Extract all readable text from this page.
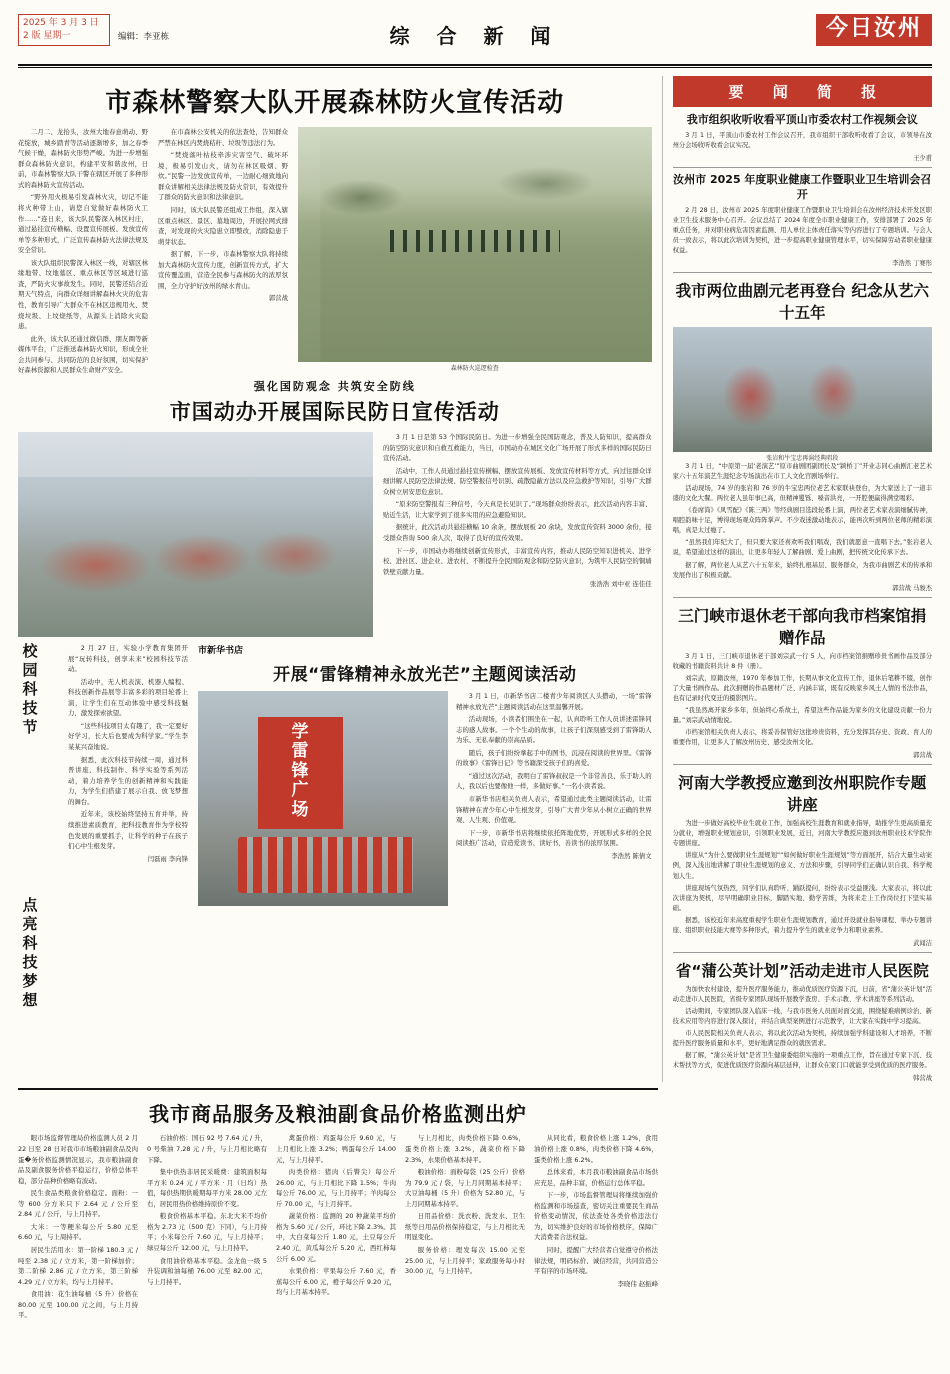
2025 年 3 月 3 日
2 版 星期一	编辑：李亚栋	综 合 新 闻	今日汝州
市森林警察大队开展森林防火宣传活动

二月二、龙抬头，汝州大地春意萌动、野花绽放，城乡踏青等活动逐渐增多，加之春季气候干燥，森林防火形势严峻。为进一步增强群众森林防火意识，构建平安和谐汝州，日前，市森林警察大队干警在辖区开展了多种形式的森林防火宣传活动。

“野外用火极易引发森林火灾，切记不能将火种带上山，请您自觉做好森林防火工作……”连日来，该大队民警深入林区村庄，通过悬挂宣传横幅、设置宣传展板、发放宣传单等多种形式，广泛宣传森林防火法律法规及安全常识。

该大队组织民警深入林区一线，对辖区林缘地带、坟地墓区、重点林区等区域进行巡查，严防火灾事故发生。同时，民警还结合近期天气特点，向群众详细讲解森林火灾的危害性，教育引导广大群众不在林区违规用火、焚烧垃圾、上坟烧纸等，从源头上消除火灾隐患。

此外，该大队还通过微信群、朋友圈等新媒体平台，广泛推送森林防火知识，形成全社会共同参与、共同防范的良好氛围，切实保护好森林资源和人民群众生命财产安全。

在市森林公安机关的依法查处，告知群众严禁在林区内焚烧秸秆、垃圾等违法行为。

“焚烧落叶枯枝牵涉灾害空气、破坏环境，极易引发山火，请勿在林区吸烟、野炊。”民警一边发放宣传单，一边耐心细致地向群众讲解相关法律法规及防火常识，有效提升了群众的防火意识和法律意识。

同时，该大队民警还组成工作组，深入辖区重点林区、景区、墓地周边，开展拉网式排查，对发现的火灾隐患立即整改，消除隐患于萌芽状态。

据了解，下一步，市森林警察大队将持续加大森林防火宣传力度，创新宣传方式，扩大宣传覆盖面，营造全民参与森林防火的浓厚氛围，全力守护好汝州的绿水青山。

郭营战
森林防火巡逻检查
强化国防观念 共筑安全防线
市国动办开展国际民防日宣传活动

3 月 1 日是第 53 个国际民防日。为进一步增强全民国防观念，普及人防知识，提高群众的防空防灾意识和自救互救能力，当日，市国动办在城区文化广场开展了形式多样的国际民防日宣传活动。

活动中，工作人员通过悬挂宣传横幅、摆放宣传展板、发放宣传材料等方式，向过往群众详细讲解人民防空法律法规、防空警报信号识别、疏散隐蔽方法以及应急救护等知识，引导广大群众树立居安思危意识。

“原来防空警报有三种信号，今天真是长见识了。”现场群众纷纷表示，此次活动内容丰富、贴近生活，让大家学到了很多实用的应急避险知识。

据统计，此次活动共悬挂横幅 10 余条，摆放展板 20 余块，发放宣传资料 3000 余份，接受群众咨询 500 余人次，取得了良好的宣传效果。

下一步，市国动办将继续创新宣传形式，丰富宣传内容，推动人民防空知识进机关、进学校、进社区、进企业、进农村，不断提升全民国防观念和防空防灾意识，为筑牢人民防空的铜墙铁壁贡献力量。

张浩浩 刘中亚 连佳佳
校园科技节
点亮科技梦想

2 月 27 日，实验小学教育集团开展“玩转科技，创享未来”校园科技节活动。

活动中，无人机表演、机器人编程、科技创新作品展等丰富多彩的项目轮番上演，让学生们在互动体验中感受科技魅力，激发探索欲望。

“这些科技项目太有趣了，我一定要好好学习，长大后也要成为科学家。”学生李某某兴奋地说。

据悉，此次科技节持续一周，通过科普讲座、科技制作、科学实验等系列活动，着力培养学生的创新精神和实践能力，为学生们搭建了展示自我、放飞梦想的舞台。

近年来，该校始终坚持五育并举，持续推进素质教育，把科技教育作为学校特色发展的重要抓手，让科学的种子在孩子们心中生根发芽。

闫磊雨 李向锋
市新华书店
开展“雷锋精神永放光芒”主题阅读活动
学
雷
锋
广
场

3 月 1 日，市新华书店二楼青少年阅读区人头攒动，一场“雷锋精神永放光芒”主题阅读活动在这里温馨开展。

活动现场，小读者们围坐在一起，认真聆听工作人员讲述雷锋同志的感人故事。一个个生动的故事，让孩子们深刻感受到了雷锋助人为乐、无私奉献的崇高品质。

随后，孩子们纷纷拿起手中的图书，沉浸在阅读的世界里。《雷锋的故事》《雷锋日记》等书籍深受孩子们的喜爱。

“通过这次活动，我明白了雷锋叔叔是一个非常善良、乐于助人的人，我以后也要像他一样，多做好事。”一名小读者说。

市新华书店相关负责人表示，希望通过此类主题阅读活动，让雷锋精神在青少年心中生根发芽，引导广大青少年从小树立正确的世界观、人生观、价值观。

下一步，市新华书店将继续依托阵地优势，开展形式多样的全民阅读推广活动，营造爱读书、读好书、善读书的浓厚氛围。

李浩然 陈倩文
要 闻 简 报
我市组织收听收看平顶山市委农村工作视频会议

3 月 1 日，平顶山市委农村工作会议召开，我市组织干部收听收看了会议，市领导在汝州分会场收听收看会议实况。

王少甫
汝州市 2025 年度职业健康工作暨职业卫生培训会召开

2 月 28 日，汝州市 2025 年度职业健康工作暨职业卫生培训会在汝州经济技术开发区职业卫生技术服务中心召开。会议总结了 2024 年度全市职业健康工作，安排部署了 2025 年重点任务，并对职业病危害因素监测、用人单位主体责任落实等内容进行了专题培训。与会人员一致表示，将以此次培训为契机，进一步提高职业健康管理水平，切实保障劳动者职业健康权益。

李浩然 丁赛彤
我市两位曲剧元老再登台 纪念从艺六十五年
张岩和牛宝忠再演经典唱段

3 月 1 日，“中原第一届‘老演艺’”原市曲剧团副团长及“颍桥丁”开业志同心曲剧汇老艺术家六十五年演艺生涯纪念专场演出在市工人文化宫剧场举行。

活动现场，74 岁的张岩和 76 岁的牛宝忠两位老艺术家联袂登台，为大家送上了一道丰盛的文化大餐。两位老人虽年事已高，但精神矍铄、嗓音洪亮，一开腔便赢得满堂喝彩。

《卷席筒》《风雪配》《陈三两》等经典剧目选段轮番上演，两位老艺术家表演细腻传神，唱腔韵味十足，博得现场观众阵阵掌声。不少戏迷激动地表示，能再次听到两位老师的精彩演唱，真是太过瘾了。

“虽然我们年纪大了，但只要大家还喜欢听我们唱戏，我们就愿意一直唱下去。”张岩老人说，希望通过这样的演出，让更多年轻人了解曲剧、爱上曲剧，把传统文化传承下去。

据了解，两位老人从艺六十五年来，始终扎根基层、服务群众，为我市曲剧艺术的传承和发展作出了积极贡献。

郭营战 马骏杰
三门峡市退休老干部向我市档案馆捐赠作品

3 月 1 日，三门峡市退休老干部刘宗武一行 5 人，向市档案馆捐赠珍贵书画作品及部分收藏的书籍资料共计 8 件（册）。

刘宗武，原籍汝州，1970 年参加工作，长期从事文化宣传工作，退休后笔耕不辍，创作了大量书画作品。此次捐赠的作品题材广泛、内涵丰富，既有反映家乡风土人情的书法作品，也有记录时代变迁的摄影图片。

“我虽然离开家乡多年，但始终心系故土，希望这些作品能为家乡的文化建设贡献一份力量。”刘宗武动情地说。

市档案馆相关负责人表示，将妥善保管好这批珍贵资料，充分发挥其存史、资政、育人的重要作用，让更多人了解汝州历史、感受汝州文化。

郭营战
河南大学教授应邀到汝州职院作专题讲座

为进一步做好高校毕业生就业工作，加强高校生涯教育和就业指导，助推学生更高质量充分就业，增强职业规划意识，引领职业发展，近日，河南大学教授应邀到汝州职业技术学院作专题讲座。

讲座从“为什么要做职业生涯规划”“如何做好职业生涯规划”等方面展开，结合大量生动案例，深入浅出地讲解了职业生涯规划的意义、方法和步骤，引导同学们正确认识自我、科学规划人生。

讲座现场气氛热烈，同学们认真聆听、踊跃提问，纷纷表示受益匪浅。大家表示，将以此次讲座为契机，尽早明确职业目标，脚踏实地、勤学苦练，为将来走上工作岗位打下坚实基础。

据悉，该校近年来高度重视学生职业生涯规划教育，通过开设就业指导课程、举办专题讲座、组织职业技能大赛等多种形式，着力提升学生的就业竞争力和职业素养。

武闻洁
省“蒲公英计划”活动走进市人民医院

为加快农村建设，提升医疗服务能力，推动优质医疗资源下沉，日前，省“蒲公英计划”活动走进市人民医院，省级专家团队现场开展教学查房、手术示教、学术讲座等系列活动。

活动期间，专家团队深入临床一线，与我市医务人员面对面交流，围绕疑难病例诊治、新技术应用等内容进行深入探讨，并结合典型案例进行示范教学，让大家在实践中学习提高。

市人民医院相关负责人表示，将以此次活动为契机，持续加强学科建设和人才培养，不断提升医疗服务质量和水平，更好地满足群众的就医需求。

据了解，“蒲公英计划”是省卫生健康委组织实施的一项重点工作，旨在通过专家下沉、技术帮扶等方式，促进优质医疗资源向基层延伸，让群众在家门口就能享受到优质的医疗服务。

韩营战
我市商品服务及粮油副食品价格监测出炉

眼市场监督管理局价格监测人员 2 月 22 日至 28 日对我市市场粮油副食品及肉蛋�务价格监测情况显示，我市粮油副食品及副食服务价格平稳运行，价格总体平稳，部分品种价格略有波动。

民生食品类粮食价格稳定。面粉：一等 600 分方米只下 2.64 元 / 公斤至 2.84 元 / 公斤，与上月持平。

大米：一等粳米每公斤 5.80 元至 6.60 元，与上周持平。

居民生活用水：第一阶梯 180.3 元 / 吨至 2.38 元 / 立方米，第一阶梯加价；第二阶梯 2.86 元 / 立方米，第三阶梯 4.29 元 / 立方米，均与上月持平。

食用油：花生油每桶（5 升）价格在 80.00 元至 100.00 元之间，与上月持平。

石油价格：国石 92 号 7.64 元 / 升，0 号柴油 7.28 元 / 升，与上月相比略有下降。

集中供热非居民采暖费：建筑面积每平方米 0.24 元 / 平方米 · 月（日均）热值，每供热期供暖期每平方米 28.00 元左右，居民用热价格维持原价不变。

粮食价格基本平稳。东北大米不均价格为 2.73 元（500 克）下同），与上月持平；小米每公斤 7.60 元，与上月持平；绿豆每公斤 12.00 元，与上月持平。

食用油价格基本平稳。金龙鱼一级 5 升装调和油每桶 76.00 元至 82.00 元，与上月持平。

禽蛋价格：鸡蛋每公斤 9.60 元，与上月相比上涨 3.2%；鸭蛋每公斤 14.00 元，与上月持平。

肉类价格：猪肉（后臀尖）每公斤 26.00 元，与上月相比下降 1.5%；牛肉每公斤 76.00 元，与上月持平；羊肉每公斤 70.00 元，与上月持平。

蔬菜价格：监测的 20 种蔬菜平均价格为 5.60 元 / 公斤，环比下降 2.3%。其中，大白菜每公斤 1.80 元，土豆每公斤 2.40 元，黄瓜每公斤 5.20 元，西红柿每公斤 6.00 元。

水果价格：苹果每公斤 7.60 元，香蕉每公斤 6.00 元，橙子每公斤 9.20 元，均与上月基本持平。

与上月相比，肉类价格下降 0.6%，蛋类价格上涨 3.2%，蔬菜价格下降 2.3%，水果价格基本持平。

粮油价格：面粉每袋（25 公斤）价格为 79.9 元 / 袋，与上月同期基本持平；大豆油每桶（5 升）价格为 52.80 元，与上月同期基本持平。

日用品价格：洗衣粉、洗发水、卫生纸等日用品价格保持稳定，与上月相比无明显变化。

服务价格：理发每次 15.00 元至 25.00 元，与上月持平；家政服务每小时 30.00 元，与上月持平。

从同比看，粮食价格上涨 1.2%，食用油价格上涨 0.8%，肉类价格下降 4.6%，蛋类价格上涨 6.2%。

总体来看，本月我市粮油副食品市场供应充足，品种丰富，价格运行总体平稳。

下一步，市场监督管理局将继续加强价格监测和市场巡查，密切关注重要民生商品价格变动情况，依法查处各类价格违法行为，切实维护良好的市场价格秩序，保障广大消费者合法权益。

同时，提醒广大经营者自觉遵守价格法律法规，明码标价、诚信经营，共同营造公平有序的市场环境。

李晓伟 赵振峰
